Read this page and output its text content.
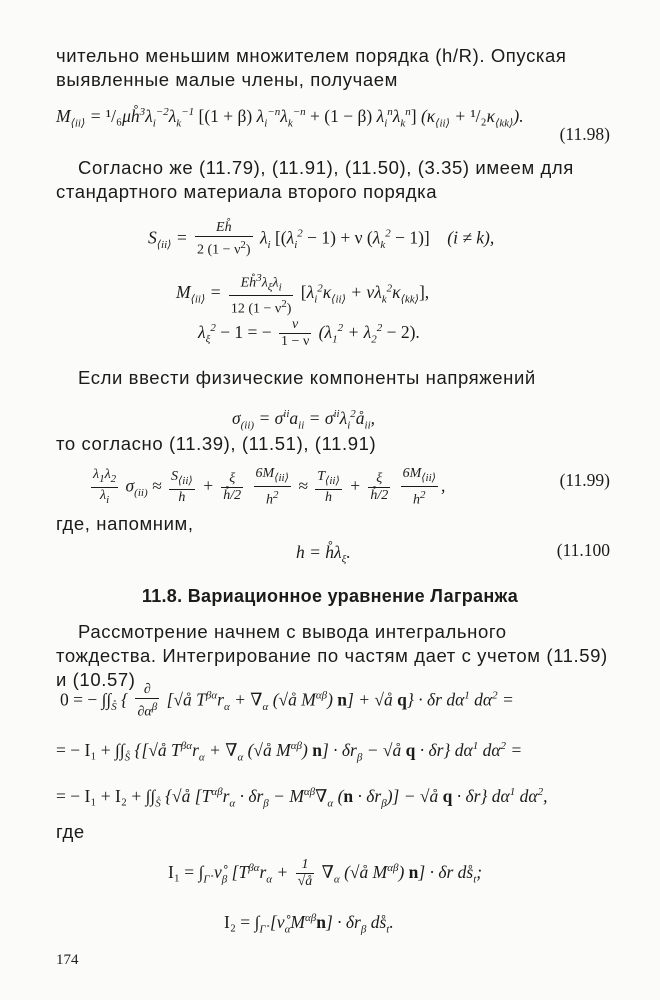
чительно меньшим множителем порядка (h/R). Опуская выявленные малые члены, получаем
$M_{⟨ii⟩}$ = $^1/_6\mu h̊^3\lambda_i^{-2}\lambda_k^{-1}$ [(1 + β) $\lambda_i^{-n}\lambda_k^{-n} + (1 - \beta)$ $\lambda_i^n\lambda_k^n$] $(\kappa_{⟨ii⟩} + ^1/_2\kappa_{⟨kk⟩})$.
(11.98)
Согласно же (11.79), (11.91), (11.50), (3.35) имеем для стандартного материала второго порядка
$S_{⟨ii⟩} = \frac{Eh̊}{2 (1 - \nu^2)} \lambda_i$ [$(\lambda_i^2 - 1) + \nu$ $(\lambda_k^2 - 1)$]    (i ≠ k),
$M_{⟨ii⟩} = \frac{Eh̊^3\lambda_\xi\lambda_i}{12 (1 - \nu^2)} [\lambda_i^2\kappa_{⟨ii⟩} + \nu\lambda_k^2\kappa_{⟨kk⟩}]$,
$\lambda_\xi^2 - 1$ = − $\frac{\nu}{1 - \nu} (\lambda_1^2 + \lambda_2^2 - 2)$.
Если ввести физические компоненты напряжений
$\sigma_{(ii)} = \sigma^{ii}a_{ii}$ = $\sigma^{ii}\lambda_i^2å_{ii}$,
то согласно (11.39), (11.51), (11.91)
$\frac{\lambda_1\lambda_2}{\lambda_i} \sigma_{(ii)} \approx \frac{S_{⟨ii⟩}}{h} + \frac{\xi}{h̊/2}$
$\frac{6M_{⟨ii⟩}}{h^2} \approx \frac{T_{⟨ii⟩}}{h} + \frac{\xi}{h̊/2}$
$\frac{6M_{⟨ii⟩}}{h^2}$ ,	(11.99)
где, напомним,
$h = h̊\lambda_\xi$.	(11.100
11.8. Вариационное уравнение Лагранжа
Рассмотрение начнем с вывода интегрального тождества. Интегрирование по частям дает с учетом (11.59) и (10.57)
0 = − $\int\int_{S̊}$ { $\frac{\partial}{\partial\alpha^\beta}$ [√å $T^{\beta\alpha}r_\alpha + \nabla_\alpha$ (√å $M^{\alpha\beta}$) n] + √å q} · δr $d\alpha^1$ $d\alpha^2$ =
= − $I_1 + \int\int_{S̊}$ {[√å $T^{\beta\alpha}r_\alpha + \nabla_\alpha$ (√å $M^{\alpha\beta}$) $n] \cdot \delta r_\beta$ − √å q · δr} $d\alpha^1$ $d\alpha^2$ =
= − $I_1 + I_2 + \int\int_{S̊}$ {√å [$T^{\alpha\beta}r_\alpha \cdot \delta r_\beta - M^{\alpha\beta}\nabla_\alpha$ $(n \cdot \delta r_\beta)$] − √å q · δr} $d\alpha^1$ $d\alpha^2$,
где
$I_1 = \int_{\Gammå}$ $\nů_\beta$ [$T^{\beta\alpha}r_\alpha + \frac{1}{√å} \nabla_\alpha$ (√å $M^{\alpha\beta}$) n] · δr $ds̊_t$;
$I_2 = \int_{\Gammå}$ $[\nů_\alpha M^{\alpha\beta}n] \cdot \delta r_\beta$ $ds̊_t$.
174
